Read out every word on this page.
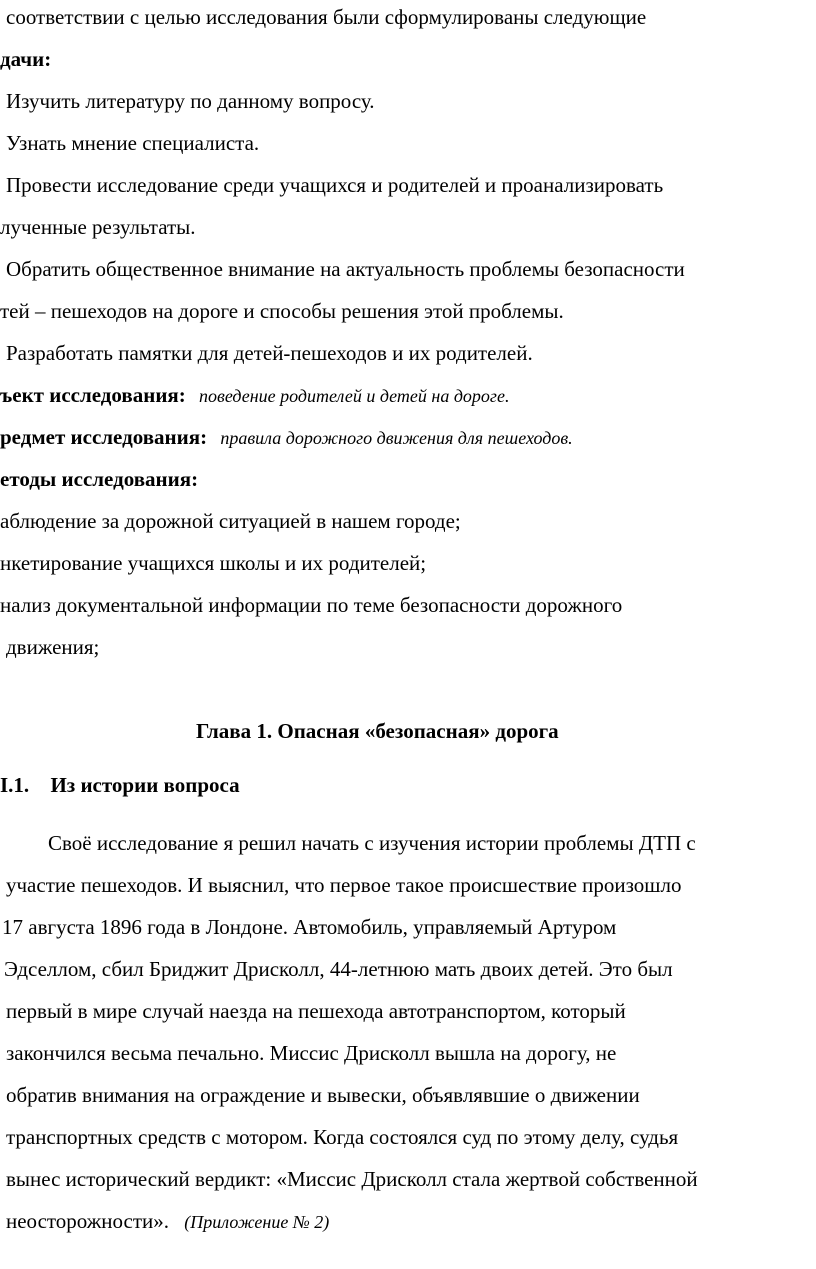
соответствии с целью исследования были сформулированы следующие
дачи:
Изучить литературу по данному вопросу.
Узнать мнение специалиста.
Провести исследование среди учащихся и родителей и проанализировать
лученные результаты.
Обратить общественное внимание на актуальность проблемы безопасности
тей – пешеходов на дороге и способы решения этой проблемы.
Разработать памятки для детей-пешеходов и их родителей.
ъект исследования: поведение родителей и детей на дороге.
редмет исследования: правила дорожного движения для пешеходов.
етоды исследования:
аблюдение за дорожной ситуацией в нашем городе;
нкетирование учащихся школы и их родителей;
нализ документальной информации по теме безопасности дорожного
движения;
Глава 1. Опасная «безопасная» дорога
I.1. Из истории вопроса
Своё исследование я решил начать с изучения истории проблемы ДТП с
участие пешеходов. И выяснил, что первое такое происшествие произошло
17 августа 1896 года в Лондоне. Автомобиль, управляемый Артуром
Эдселлом, сбил Бриджит Дрисколл, 44-летнюю мать двоих детей. Это был
первый в мире случай наезда на пешехода автотранспортом, который
закончился весьма печально. Миссис Дрисколл вышла на дорогу, не
обратив внимания на ограждение и вывески, объявлявшие о движении
транспортных средств с мотором. Когда состоялся суд по этому делу, судья
вынес исторический вердикт: «Миссис Дрисколл стала жертвой собственной
неосторожности». (Приложение № 2)
